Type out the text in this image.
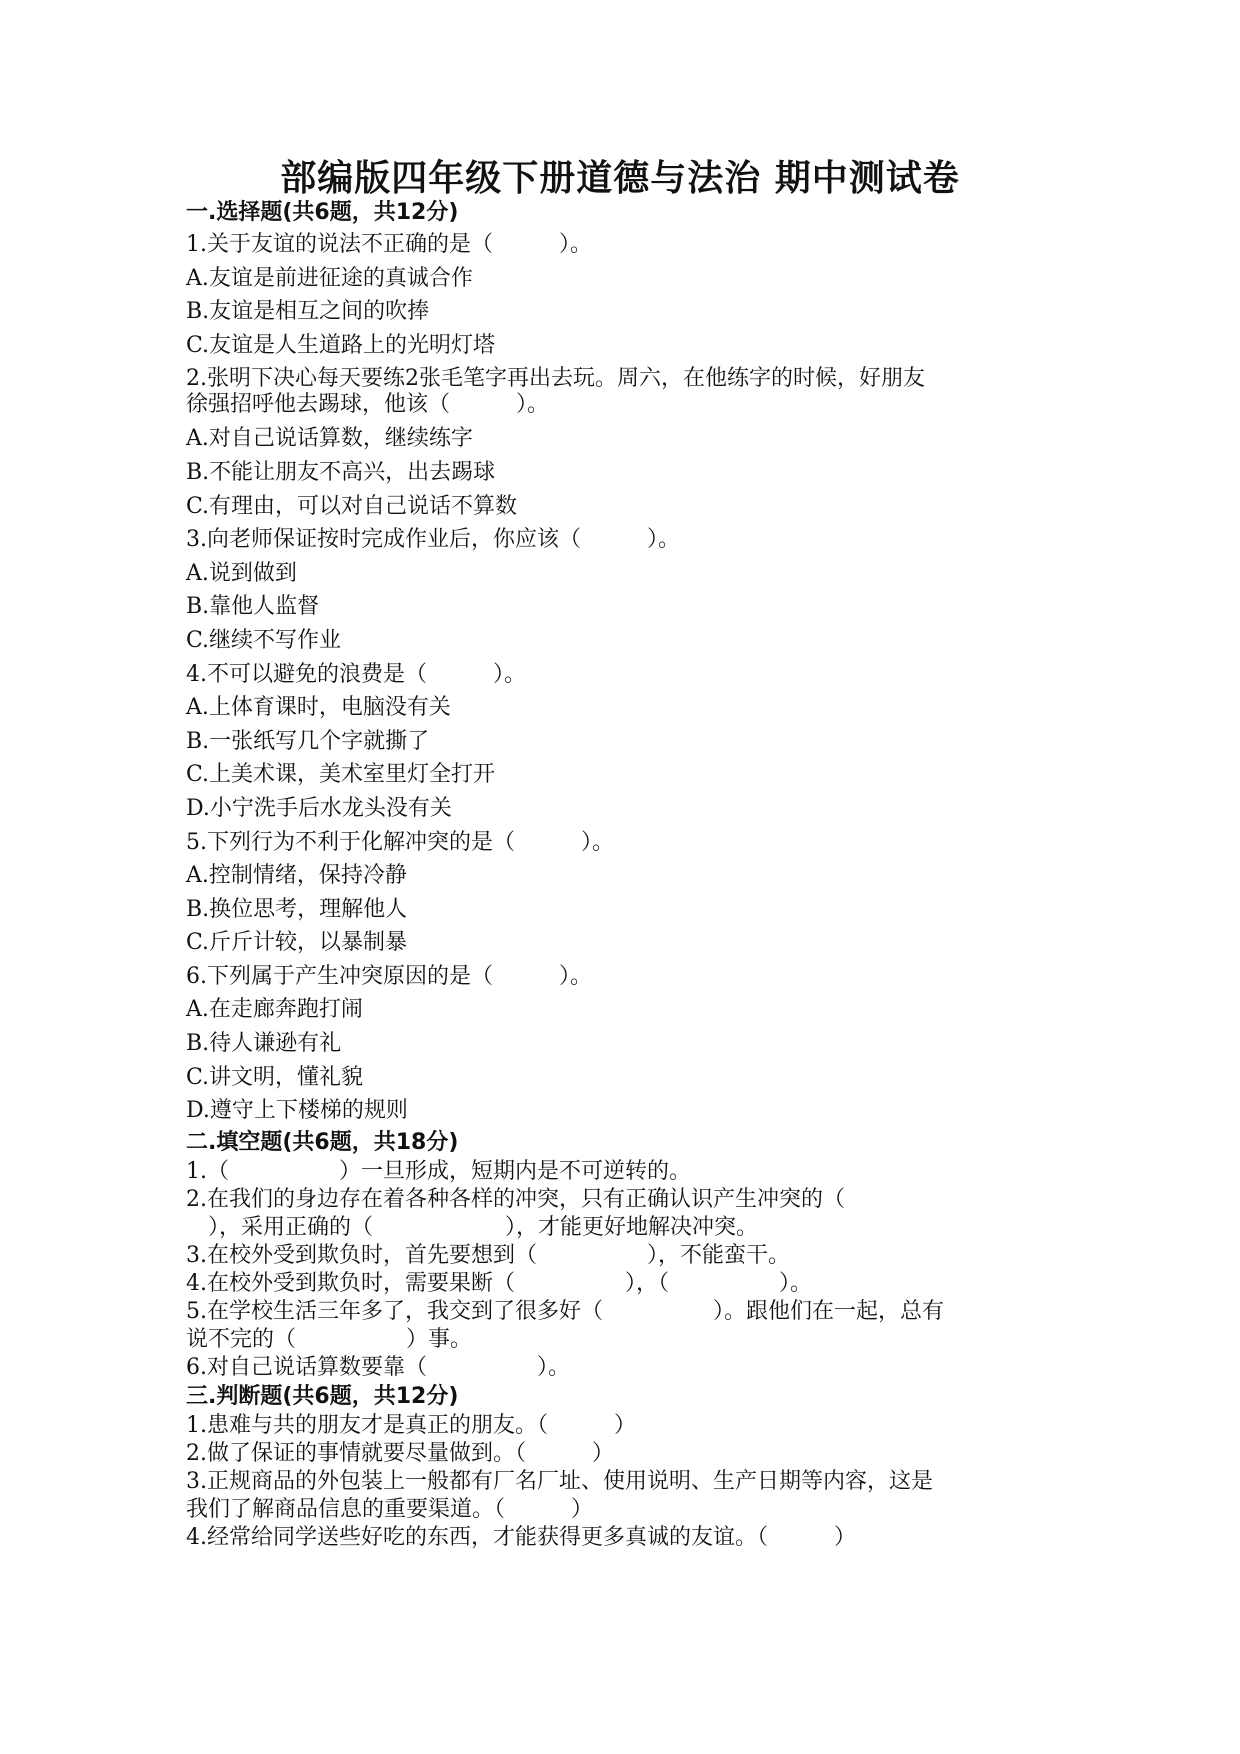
部编版四年级下册道德与法治 期中测试卷
一.选择题(共6题，共12分)
1.关于友谊的说法不正确的是（　　　）。
A.友谊是前进征途的真诚合作
B.友谊是相互之间的吹捧
C.友谊是人生道路上的光明灯塔
2.张明下决心每天要练2张毛笔字再出去玩。周六，在他练字的时候，好朋友
徐强招呼他去踢球，他该（　　　）。
A.对自己说话算数，继续练字
B.不能让朋友不高兴，出去踢球
C.有理由，可以对自己说话不算数
3.向老师保证按时完成作业后，你应该（　　　）。
A.说到做到
B.靠他人监督
C.继续不写作业
4.不可以避免的浪费是（　　　）。
A.上体育课时，电脑没有关
B.一张纸写几个字就撕了
C.上美术课，美术室里灯全打开
D.小宁洗手后水龙头没有关
5.下列行为不利于化解冲突的是（　　　）。
A.控制情绪，保持冷静
B.换位思考，理解他人
C.斤斤计较，以暴制暴
6.下列属于产生冲突原因的是（　　　）。
A.在走廊奔跑打闹
B.待人谦逊有礼
C.讲文明，懂礼貌
D.遵守上下楼梯的规则
二.填空题(共6题，共18分)
1.（　　　　　）一旦形成，短期内是不可逆转的。
2.在我们的身边存在着各种各样的冲突，只有正确认识产生冲突的（
　），采用正确的（　　　　　　），才能更好地解决冲突。
3.在校外受到欺负时，首先要想到（　　　　　），不能蛮干。
4.在校外受到欺负时，需要果断（　　　　　），（　　　　　）。
5.在学校生活三年多了，我交到了很多好（　　　　　）。跟他们在一起，总有
说不完的（　　　　　）事。
6.对自己说话算数要靠（　　　　　）。
三.判断题(共6题，共12分)
1.患难与共的朋友才是真正的朋友。（　　　）
2.做了保证的事情就要尽量做到。（　　　）
3.正规商品的外包装上一般都有厂名厂址、使用说明、生产日期等内容，这是
我们了解商品信息的重要渠道。（　　　）
4.经常给同学送些好吃的东西，才能获得更多真诚的友谊。（　　　）
